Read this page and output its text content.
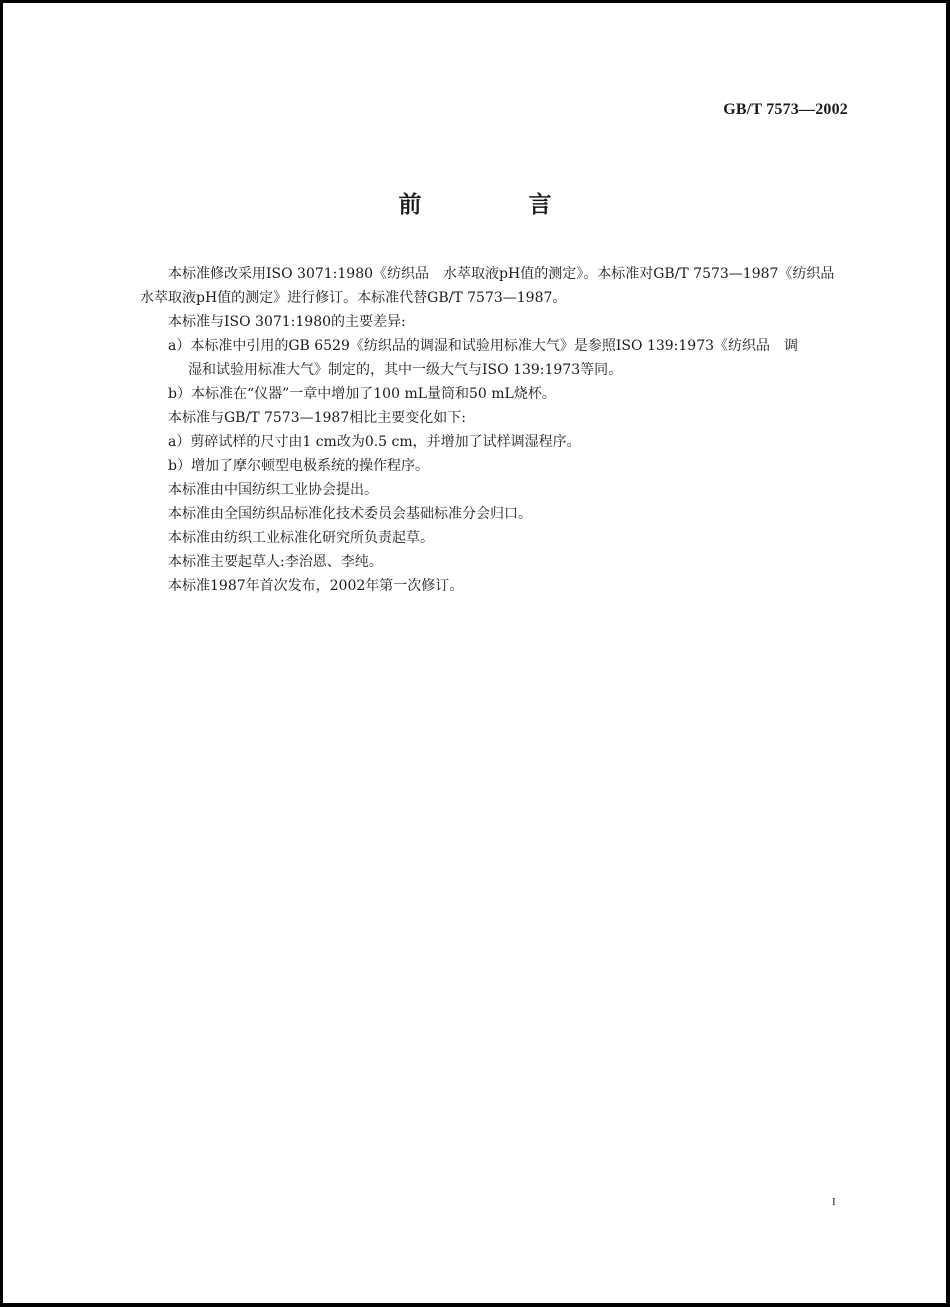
GB/T 7573—2002
前　言

本标准修改采用ISO 3071:1980《纺织品　水萃取液pH值的测定》。本标准对GB/T 7573—1987《纺织品　水萃取液pH值的测定》进行修订。本标准代替GB/T 7573—1987。

本标准与ISO 3071:1980的主要差异:

a）本标准中引用的GB 6529《纺织品的调湿和试验用标准大气》是参照ISO 139:1973《纺织品　调

湿和试验用标准大气》制定的，其中一级大气与ISO 139:1973等同。

b）本标准在“仪器”一章中增加了100 mL量筒和50 mL烧杯。

本标准与GB/T 7573—1987相比主要变化如下:

a）剪碎试样的尺寸由1 cm改为0.5 cm，并增加了试样调湿程序。

b）增加了摩尔顿型电极系统的操作程序。

本标准由中国纺织工业协会提出。

本标准由全国纺织品标准化技术委员会基础标准分会归口。

本标准由纺织工业标准化研究所负责起草。

本标准主要起草人:李治恩、李纯。

本标准1987年首次发布，2002年第一次修订。

I
